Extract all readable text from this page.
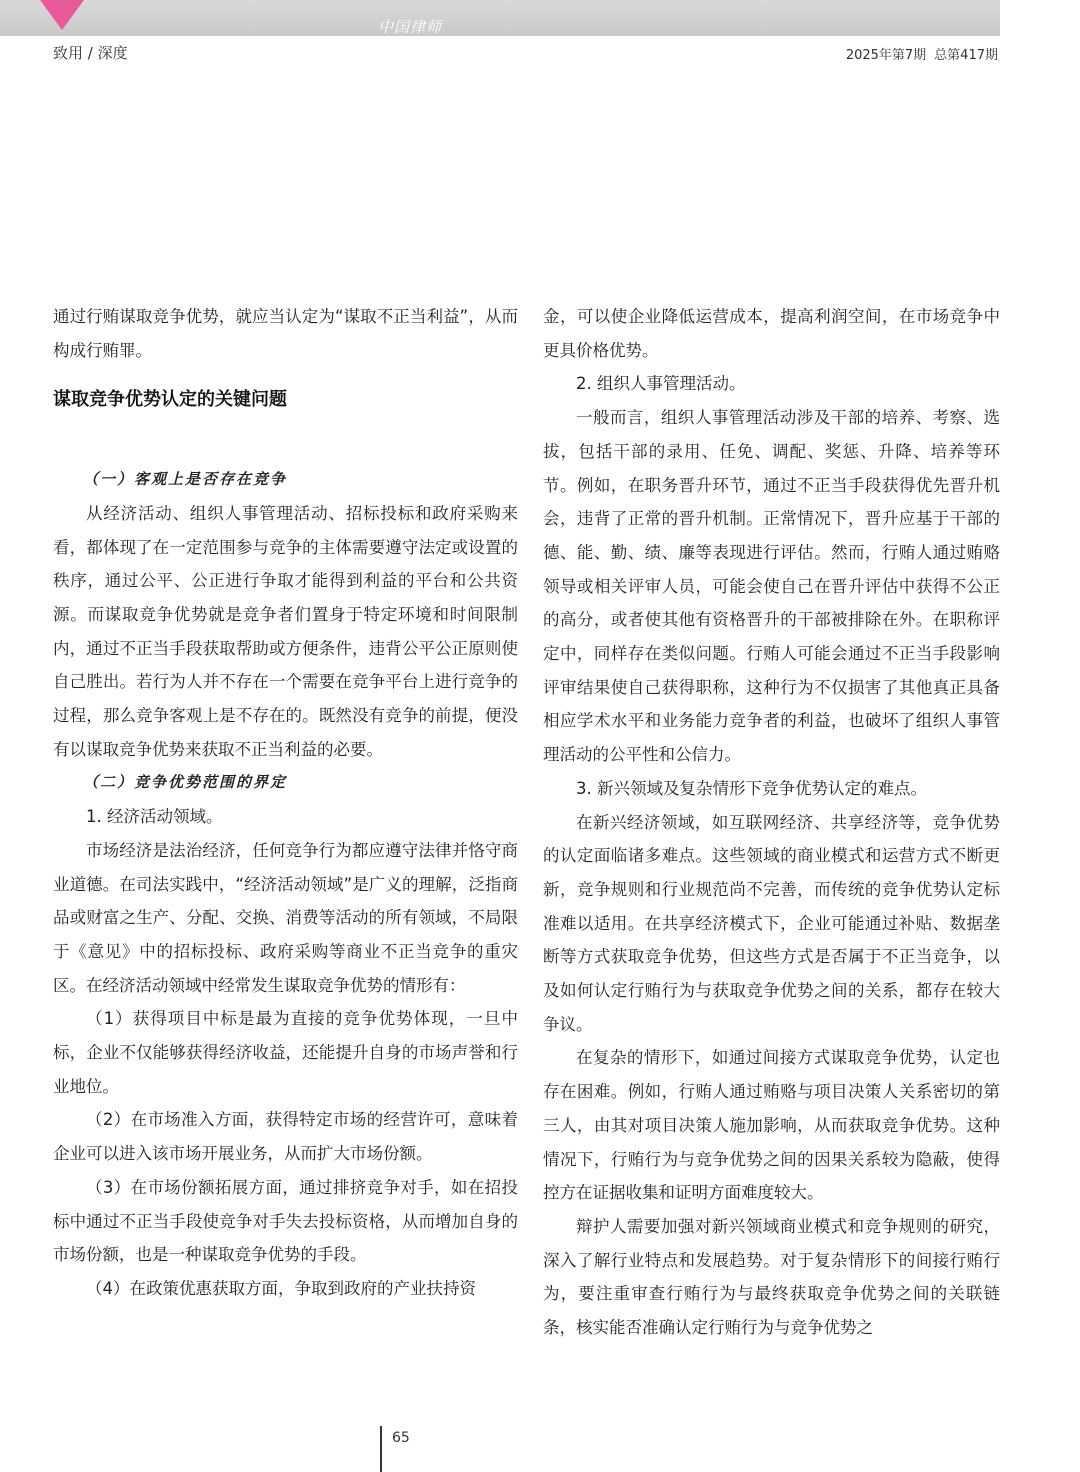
中国律师
致用 / 深度	2025年第7期 总第417期

通过行贿谋取竞争优势，就应当认定为“谋取不正当利益”，从而构成行贿罪。

谋取竞争优势认定的关键问题

（一）客观上是否存在竞争

从经济活动、组织人事管理活动、招标投标和政府采购来看，都体现了在一定范围参与竞争的主体需要遵守法定或设置的秩序，通过公平、公正进行争取才能得到利益的平台和公共资源。而谋取竞争优势就是竞争者们置身于特定环境和时间限制内，通过不正当手段获取帮助或方便条件，违背公平公正原则使自己胜出。若行为人并不存在一个需要在竞争平台上进行竞争的过程，那么竞争客观上是不存在的。既然没有竞争的前提，便没有以谋取竞争优势来获取不正当利益的必要。

（二）竞争优势范围的界定

1. 经济活动领域。

市场经济是法治经济，任何竞争行为都应遵守法律并恪守商业道德。在司法实践中，“经济活动领域”是广义的理解，泛指商品或财富之生产、分配、交换、消费等活动的所有领域，不局限于《意见》中的招标投标、政府采购等商业不正当竞争的重灾区。在经济活动领域中经常发生谋取竞争优势的情形有：

（1）获得项目中标是最为直接的竞争优势体现，一旦中标，企业不仅能够获得经济收益，还能提升自身的市场声誉和行业地位。

（2）在市场准入方面，获得特定市场的经营许可，意味着企业可以进入该市场开展业务，从而扩大市场份额。

（3）在市场份额拓展方面，通过排挤竞争对手，如在招投标中通过不正当手段使竞争对手失去投标资格，从而增加自身的市场份额，也是一种谋取竞争优势的手段。

（4）在政策优惠获取方面，争取到政府的产业扶持资

金，可以使企业降低运营成本，提高利润空间，在市场竞争中更具价格优势。

2. 组织人事管理活动。

一般而言，组织人事管理活动涉及干部的培养、考察、选拔，包括干部的录用、任免、调配、奖惩、升降、培养等环节。例如，在职务晋升环节，通过不正当手段获得优先晋升机会，违背了正常的晋升机制。正常情况下，晋升应基于干部的德、能、勤、绩、廉等表现进行评估。然而，行贿人通过贿赂领导或相关评审人员，可能会使自己在晋升评估中获得不公正的高分，或者使其他有资格晋升的干部被排除在外。在职称评定中，同样存在类似问题。行贿人可能会通过不正当手段影响评审结果使自己获得职称，这种行为不仅损害了其他真正具备相应学术水平和业务能力竞争者的利益，也破坏了组织人事管理活动的公平性和公信力。

3. 新兴领域及复杂情形下竞争优势认定的难点。

在新兴经济领域，如互联网经济、共享经济等，竞争优势的认定面临诸多难点。这些领域的商业模式和运营方式不断更新，竞争规则和行业规范尚不完善，而传统的竞争优势认定标准难以适用。在共享经济模式下，企业可能通过补贴、数据垄断等方式获取竞争优势，但这些方式是否属于不正当竞争，以及如何认定行贿行为与获取竞争优势之间的关系，都存在较大争议。

在复杂的情形下，如通过间接方式谋取竞争优势，认定也存在困难。例如，行贿人通过贿赂与项目决策人关系密切的第三人，由其对项目决策人施加影响，从而获取竞争优势。这种情况下，行贿行为与竞争优势之间的因果关系较为隐蔽，使得控方在证据收集和证明方面难度较大。

辩护人需要加强对新兴领域商业模式和竞争规则的研究，深入了解行业特点和发展趋势。对于复杂情形下的间接行贿行为，要注重审查行贿行为与最终获取竞争优势之间的关联链条，核实能否准确认定行贿行为与竞争优势之

65
